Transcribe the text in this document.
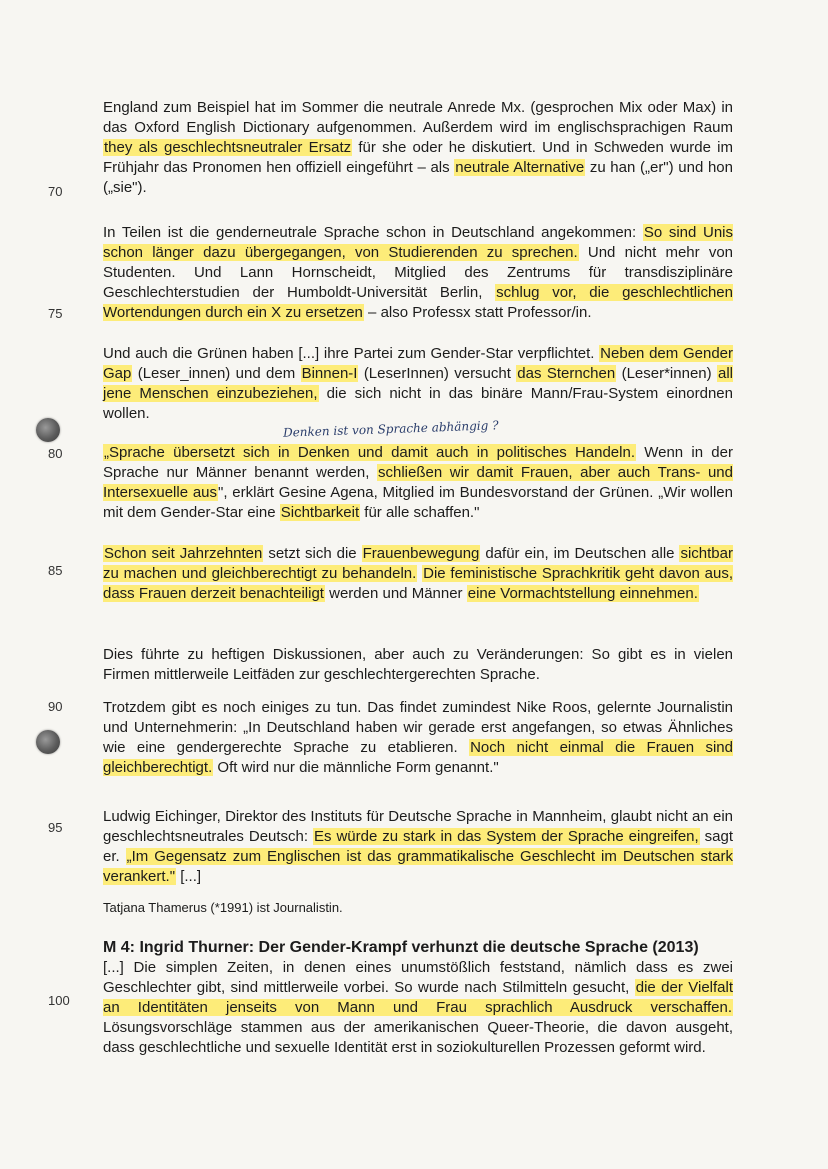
70
75
80
85
90
95
100
England zum Beispiel hat im Sommer die neutrale Anrede Mx. (gesprochen Mix oder Max) in das Oxford English Dictionary aufgenommen. Außerdem wird im englischsprachigen Raum they als geschlechtsneutraler Ersatz für she oder he diskutiert. Und in Schweden wurde im Frühjahr das Pronomen hen offiziell eingeführt – als neutrale Alternative zu han („er") und hon („sie").
In Teilen ist die genderneutrale Sprache schon in Deutschland angekommen: So sind Unis schon länger dazu übergegangen, von Studierenden zu sprechen. Und nicht mehr von Studenten. Und Lann Hornscheidt, Mitglied des Zentrums für transdisziplinäre Geschlechterstudien der Humboldt-Universität Berlin, schlug vor, die geschlechtlichen Wortendungen durch ein X zu ersetzen – also Professx statt Professor/in.
Und auch die Grünen haben [...] ihre Partei zum Gender-Star verpflichtet. Neben dem Gender Gap (Leser_innen) und dem Binnen-I (LeserInnen) versucht das Sternchen (Leser*innen) all jene Menschen einzubeziehen, die sich nicht in das binäre Mann/Frau-System einordnen wollen.
Denken ist von Sprache abhängig ?
„Sprache übersetzt sich in Denken und damit auch in politisches Handeln. Wenn in der Sprache nur Männer benannt werden, schließen wir damit Frauen, aber auch Trans- und Intersexuelle aus", erklärt Gesine Agena, Mitglied im Bundesvorstand der Grünen. „Wir wollen mit dem Gender-Star eine Sichtbarkeit für alle schaffen."
Schon seit Jahrzehnten setzt sich die Frauenbewegung dafür ein, im Deutschen alle sichtbar zu machen und gleichberechtigt zu behandeln. Die feministische Sprachkritik geht davon aus, dass Frauen derzeit benachteiligt werden und Männer eine Vormachtstellung einnehmen.
Dies führte zu heftigen Diskussionen, aber auch zu Veränderungen: So gibt es in vielen Firmen mittlerweile Leitfäden zur geschlechtergerechten Sprache.
Trotzdem gibt es noch einiges zu tun. Das findet zumindest Nike Roos, gelernte Journalistin und Unternehmerin: „In Deutschland haben wir gerade erst angefangen, so etwas Ähnliches wie eine gendergerechte Sprache zu etablieren. Noch nicht einmal die Frauen sind gleichberechtigt. Oft wird nur die männliche Form genannt."
Ludwig Eichinger, Direktor des Instituts für Deutsche Sprache in Mannheim, glaubt nicht an ein geschlechtsneutrales Deutsch: Es würde zu stark in das System der Sprache eingreifen, sagt er. „Im Gegensatz zum Englischen ist das grammatikalische Geschlecht im Deutschen stark verankert." [...]
Tatjana Thamerus (*1991) ist Journalistin.
M 4: Ingrid Thurner: Der Gender-Krampf verhunzt die deutsche Sprache (2013)
[...] Die simplen Zeiten, in denen eines unumstößlich feststand, nämlich dass es zwei Geschlechter gibt, sind mittlerweile vorbei. So wurde nach Stilmitteln gesucht, die der Vielfalt an Identitäten jenseits von Mann und Frau sprachlich Ausdruck verschaffen. Lösungsvorschläge stammen aus der amerikanischen Queer-Theorie, die davon ausgeht, dass geschlechtliche und sexuelle Identität erst in soziokulturellen Prozessen geformt wird.
